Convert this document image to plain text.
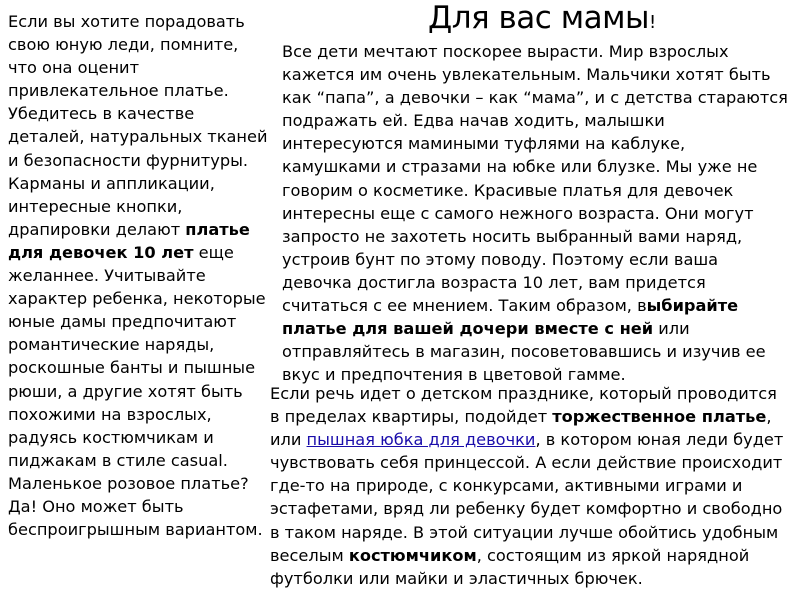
Для вас мамы!

Если вы хотите порадовать свою юную леди, помните, что она оценит привлекательное платье. Убедитесь в качестве деталей, натуральных тканей и безопасности фурнитуры. Карманы и аппликации, интересные кнопки, драпировки делают платье для девочек 10 лет еще желаннее. Учитывайте характер ребенка, некоторые юные дамы предпочитают романтические наряды, роскошные банты и пышные рюши, а другие хотят быть похожими на взрослых, радуясь костюмчикам и пиджакам в стиле casual. Маленькое розовое платье? Да! Оно может быть беспроигрышным вариантом.

Все дети мечтают поскорее вырасти. Мир взрослых кажется им очень увлекательным. Мальчики хотят быть как “папа”, а девочки – как “мама”, и с детства стараются подражать ей. Едва начав ходить, малышки интересуются мамиными туфлями на каблуке, камушками и стразами на юбке или блузке. Мы уже не говорим о косметике. Красивые платья для девочек интересны еще с самого нежного возраста. Они могут запросто не захотеть носить выбранный вами наряд, устроив бунт по этому поводу. Поэтому если ваша девочка достигла возраста 10 лет, вам придется считаться с ее мнением. Таким образом, выбирайте платье для вашей дочери вместе с ней или отправляйтесь в магазин, посоветовавшись и изучив ее вкус и предпочтения в цветовой гамме.

Если речь идет о детском празднике, который проводится в пределах квартиры, подойдет торжественное платье, или пышная юбка для девочки, в котором юная леди будет чувствовать себя принцессой. А если действие происходит где-то на природе, с конкурсами, активными играми и эстафетами, вряд ли ребенку будет комфортно и свободно в таком наряде. В этой ситуации лучше обойтись удобным веселым костюмчиком, состоящим из яркой нарядной футболки или майки и эластичных брючек.
